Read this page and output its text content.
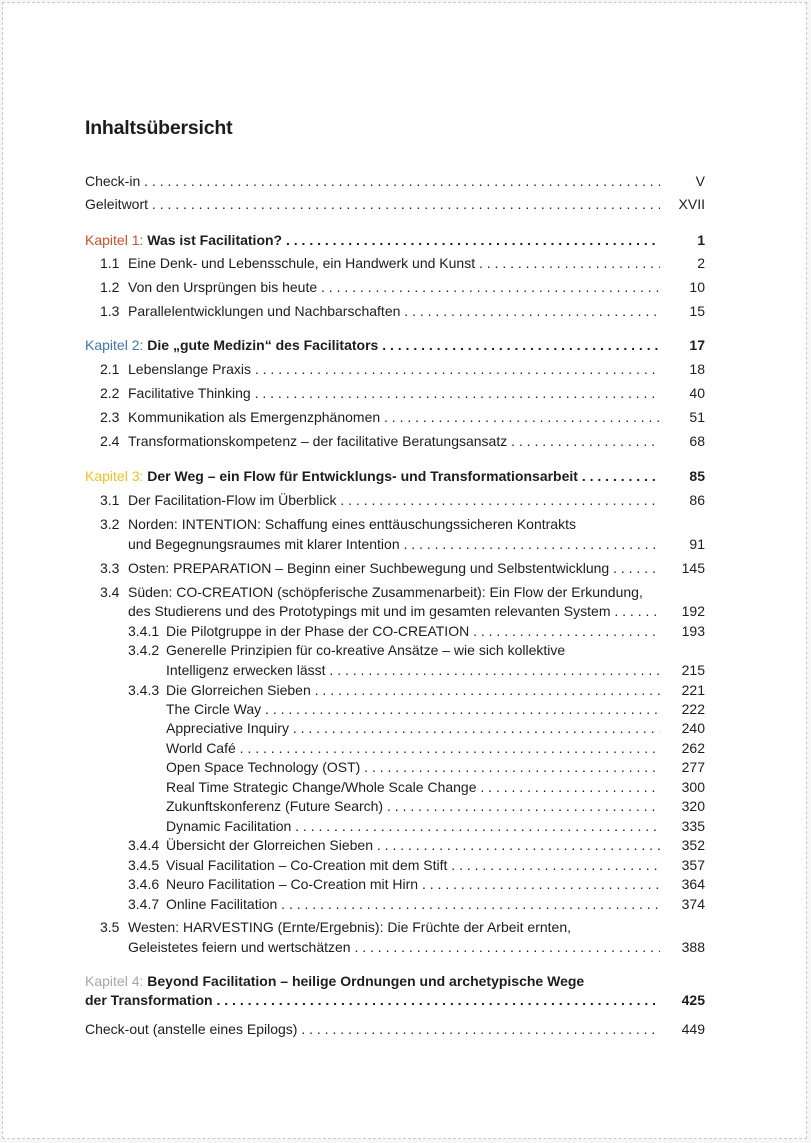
Inhaltsübersicht
Check-in . . .	V
Geleitwort . . .	XVII
Kapitel 1: Was ist Facilitation? . . .	1
1.1 Eine Denk- und Lebensschule, ein Handwerk und Kunst . . .	2
1.2 Von den Ursprüngen bis heute . . .	10
1.3 Parallelentwicklungen und Nachbarschaften . . .	15
Kapitel 2: Die „gute Medizin“ des Facilitators . . .	17
2.1 Lebenslange Praxis . . .	18
2.2 Facilitative Thinking . . .	40
2.3 Kommunikation als Emergenzphänomen . . .	51
2.4 Transformationskompetenz – der facilitative Beratungsansatz . . .	68
Kapitel 3: Der Weg – ein Flow für Entwicklungs- und Transformationsarbeit . . .	85
3.1 Der Facilitation-Flow im Überblick . . .	86
3.2 Norden: INTENTION: Schaffung eines enttäuschungssicheren Kontrakts
und Begegnungsraumes mit klarer Intention . . .	91
3.3 Osten: PREPARATION – Beginn einer Suchbewegung und Selbstentwicklung . . .	145
3.4 Süden: CO-CREATION (schöpferische Zusammenarbeit): Ein Flow der Erkundung,
des Studierens und des Prototypings mit und im gesamten relevanten System . . .	192
3.4.1 Die Pilotgruppe in der Phase der CO-CREATION . . .	193
3.4.2 Generelle Prinzipien für co-kreative Ansätze – wie sich kollektive
Intelligenz erwecken lässt . . .	215
3.4.3 Die Glorreichen Sieben . . .	221
The Circle Way . . .	222
Appreciative Inquiry . . .	240
World Café . . .	262
Open Space Technology (OST) . . .	277
Real Time Strategic Change/Whole Scale Change . . .	300
Zukunftskonferenz (Future Search) . . .	320
Dynamic Facilitation . . .	335
3.4.4 Übersicht der Glorreichen Sieben . . .	352
3.4.5 Visual Facilitation – Co-Creation mit dem Stift . . .	357
3.4.6 Neuro Facilitation – Co-Creation mit Hirn . . .	364
3.4.7 Online Facilitation . . .	374
3.5 Westen: HARVESTING (Ernte/Ergebnis): Die Früchte der Arbeit ernten,
Geleistetes feiern und wertschätzen . . .	388
Kapitel 4: Beyond Facilitation – heilige Ordnungen und archetypische Wege
der Transformation . . .	425
Check-out (anstelle eines Epilogs) . . .	449
